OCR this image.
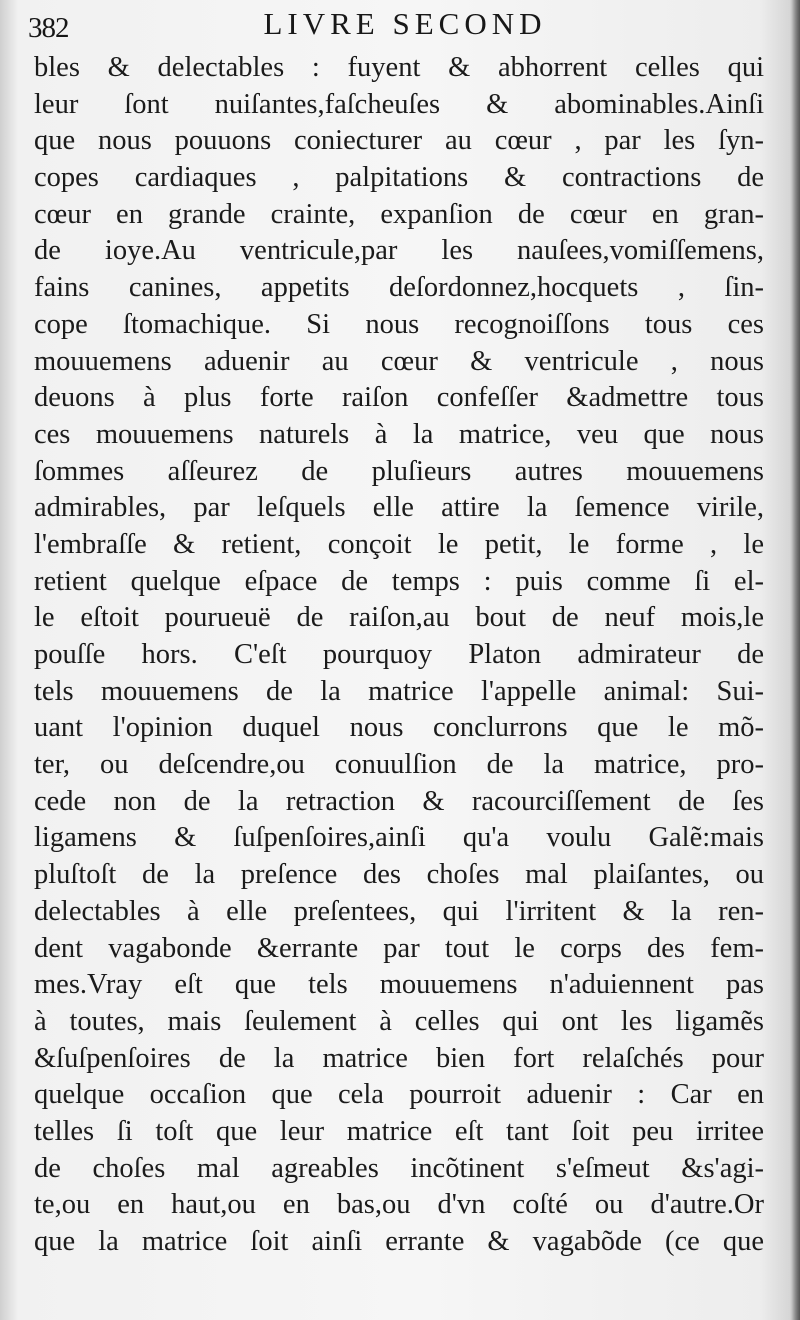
382	LIVRE SECOND
bles & delectables : fuyent & abhorrent celles qui
leur ſont nuiſantes,faſcheuſes & abominables.Ainſi
que nous pouuons coniecturer au cœur , par les ſyn-
copes cardiaques , palpitations & contractions de
cœur en grande crainte, expanſion de cœur en gran-
de ioye.Au ventricule,par les nauſees,vomiſſemens,
fains canines, appetits deſordonnez,hocquets , ſin-
cope ſtomachique. Si nous recognoiſſons tous ces
mouuemens aduenir au cœur & ventricule , nous
deuons à plus forte raiſon confeſſer &admettre tous
ces mouuemens naturels à la matrice, veu que nous
ſommes aſſeurez de pluſieurs autres mouuemens
admirables, par leſquels elle attire la ſemence virile,
l'embraſſe & retient, conçoit le petit, le forme , le
retient quelque eſpace de temps : puis comme ſi el-
le eſtoit pourueuë de raiſon,au bout de neuf mois,le
pouſſe hors. C'eſt pourquoy Platon admirateur de
tels mouuemens de la matrice l'appelle animal: Sui-
uant l'opinion duquel nous conclurrons que le mõ-
ter, ou deſcendre,ou conuulſion de la matrice, pro-
cede non de la retraction & racourciſſement de ſes
ligamens & ſuſpenſoires,ainſi qu'a voulu Galẽ:mais
pluſtoſt de la preſence des choſes mal plaiſantes, ou
delectables à elle preſentees, qui l'irritent & la ren-
dent vagabonde &errante par tout le corps des fem-
mes.Vray eſt que tels mouuemens n'aduiennent pas
à toutes, mais ſeulement à celles qui ont les ligamẽs
&ſuſpenſoires de la matrice bien fort relaſchés pour
quelque occaſion que cela pourroit aduenir : Car en
telles ſi toſt que leur matrice eſt tant ſoit peu irritee
de choſes mal agreables incõtinent s'eſmeut &s'agi-
te,ou en haut,ou en bas,ou d'vn coſté ou d'autre.Or
que la matrice ſoit ainſi errante & vagabõde (ce que
